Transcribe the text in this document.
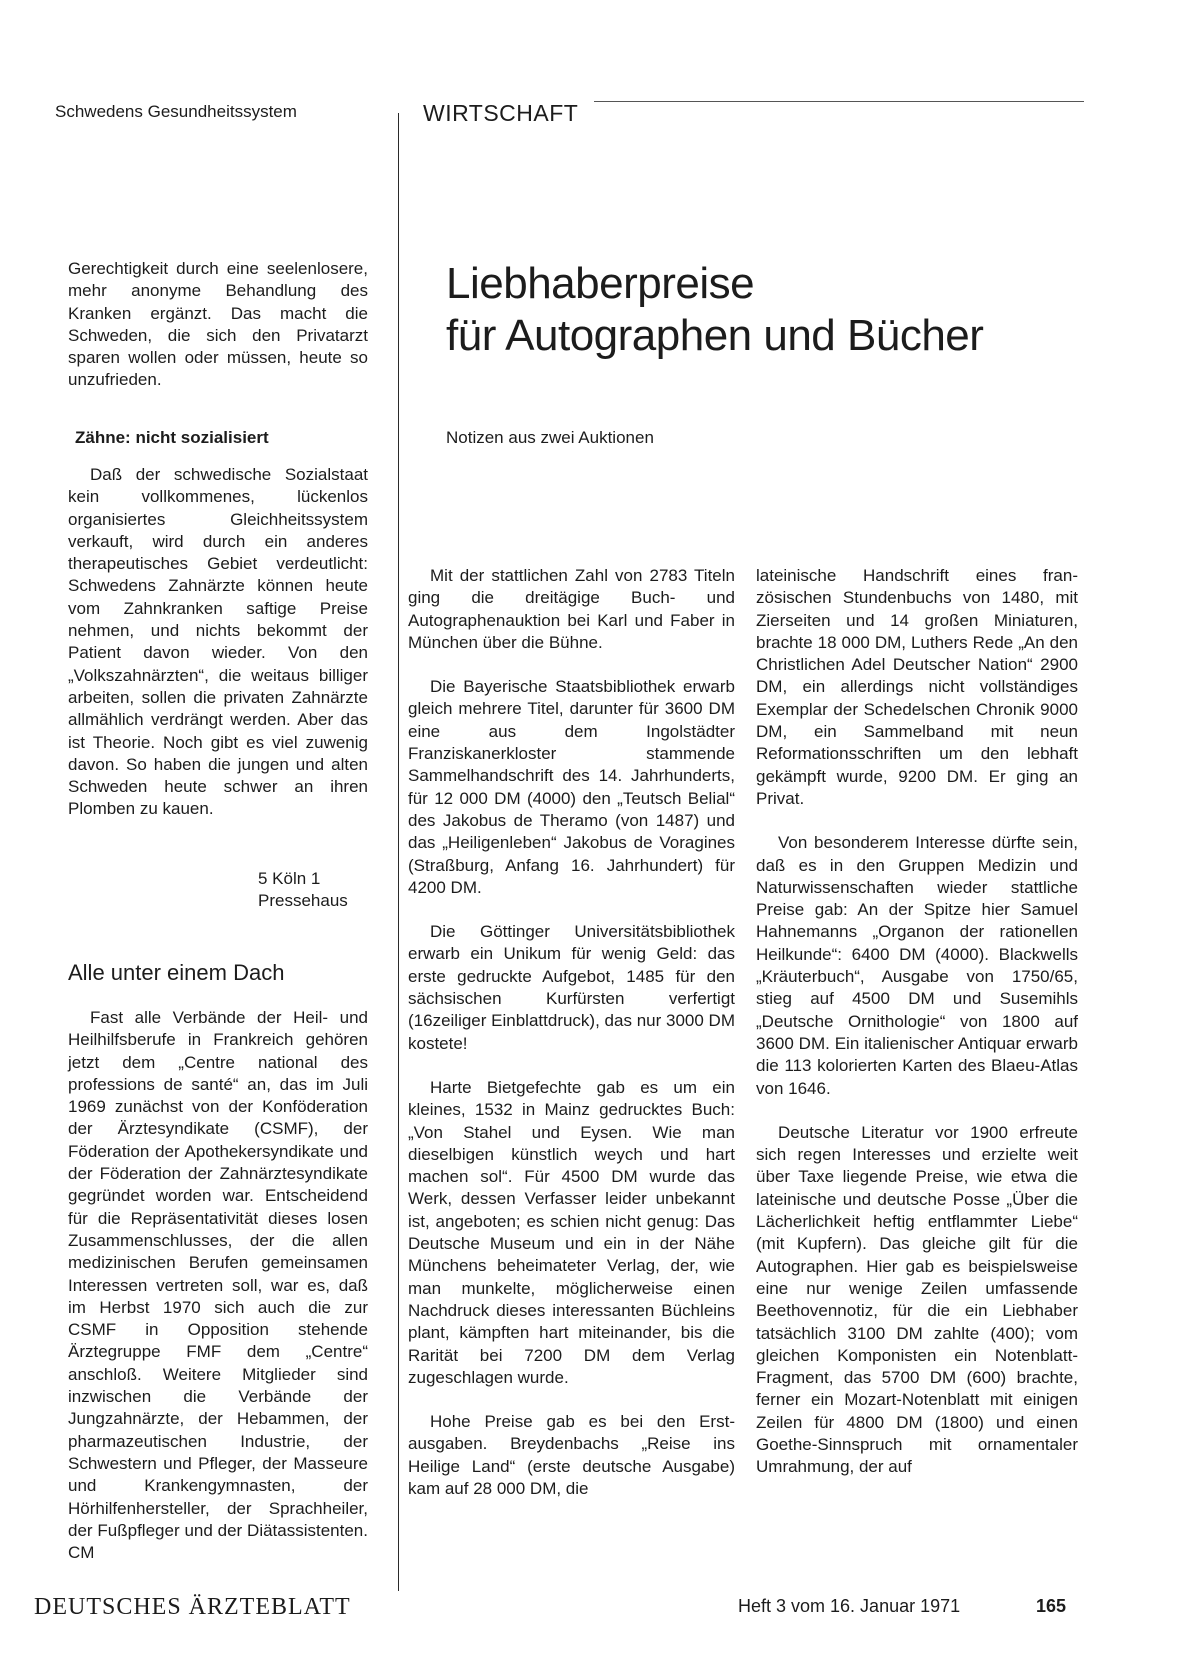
Schwedens Gesundheitssystem	WIRTSCHAFT

Gerechtigkeit durch eine seelenlosere, mehr anonyme Behandlung des Kranken ergänzt. Das macht die Schweden, die sich den Privatarzt sparen wollen oder müssen, heute so unzufrieden.

Zähne: nicht sozialisiert

Daß der schwedische Sozialstaat kein vollkommenes, lückenlos organisiertes Gleichheitssystem verkauft, wird durch ein anderes therapeutisches Gebiet verdeutlicht: Schwedens Zahnärzte können heute vom Zahnkranken saftige Preise nehmen, und nichts bekommt der Patient davon wieder. Von den „Volkszahnärzten“, die weitaus billiger arbeiten, sollen die privaten Zahnärzte allmählich verdrängt werden. Aber das ist Theorie. Noch gibt es viel zuwenig davon. So haben die jungen und alten Schweden heute schwer an ihren Plomben zu kauen.

5 Köln 1
Pressehaus
Alle unter einem Dach

Fast alle Verbände der Heil- und Heilhilfsberufe in Frankreich gehören jetzt dem „Centre national des professions de santé“ an, das im Juli 1969 zunächst von der Konföderation der Ärztesyndikate (CSMF), der Föderation der Apothekersyndikate und der Föderation der Zahnärztesyndikate gegründet worden war. Entscheidend für die Repräsentativität dieses losen Zusammenschlusses, der die allen medizinischen Berufen gemeinsamen Interessen vertreten soll, war es, daß im Herbst 1970 sich auch die zur CSMF in Opposition stehende Ärztegruppe FMF dem „Centre“ anschloß. Weitere Mitglieder sind inzwischen die Verbände der Jungzahnärzte, der Hebammen, der pharmazeutischen Industrie, der Schwestern und Pfleger, der Masseure und Krankengymnasten, der Hörhilfenhersteller, der Sprachheiler, der Fußpfleger und der Diätassistenten. CM

Liebhaberpreise
für Autographen und Bücher
Notizen aus zwei Auktionen

Mit der stattlichen Zahl von 2783 Titeln ging die dreitägige Buch- und Autographenauktion bei Karl und Faber in München über die Bühne.

Die Bayerische Staatsbibliothek erwarb gleich mehrere Titel, darunter für 3600 DM eine aus dem Ingolstädter Franziskanerkloster stammende Sammelhandschrift des 14. Jahrhunderts, für 12 000 DM (4000) den „Teutsch Belial“ des Jakobus de Theramo (von 1487) und das „Heiligenleben“ Jakobus de Voragines (Straßburg, Anfang 16. Jahrhundert) für 4200 DM.

Die Göttinger Universitätsbibliothek erwarb ein Unikum für wenig Geld: das erste gedruckte Aufgebot, 1485 für den sächsischen Kurfürsten verfertigt (16zeiliger Einblattdruck), das nur 3000 DM kostete!

Harte Bietgefechte gab es um ein kleines, 1532 in Mainz gedrucktes Buch: „Von Stahel und Eysen. Wie man dieselbigen künstlich weych und hart machen sol“. Für 4500 DM wurde das Werk, dessen Verfasser leider unbekannt ist, angeboten; es schien nicht genug: Das Deutsche Museum und ein in der Nähe Münchens beheimateter Verlag, der, wie man munkelte, möglicherweise einen Nachdruck dieses interessanten Büchleins plant, kämpften hart miteinander, bis die Rarität bei 7200 DM dem Verlag zugeschlagen wurde.

Hohe Preise gab es bei den Erstausgaben. Breydenbachs „Reise ins Heilige Land“ (erste deutsche Ausgabe) kam auf 28 000 DM, die

lateinische Handschrift eines französischen Stundenbuchs von 1480, mit Zierseiten und 14 großen Miniaturen, brachte 18 000 DM, Luthers Rede „An den Christlichen Adel Deutscher Nation“ 2900 DM, ein allerdings nicht vollständiges Exemplar der Schedelschen Chronik 9000 DM, ein Sammelband mit neun Reformationsschriften um den lebhaft gekämpft wurde, 9200 DM. Er ging an Privat.

Von besonderem Interesse dürfte sein, daß es in den Gruppen Medizin und Naturwissenschaften wieder stattliche Preise gab: An der Spitze hier Samuel Hahnemanns „Organon der rationellen Heilkunde“: 6400 DM (4000). Blackwells „Kräuterbuch“, Ausgabe von 1750/65, stieg auf 4500 DM und Susemihls „Deutsche Ornithologie“ von 1800 auf 3600 DM. Ein italienischer Antiquar erwarb die 113 kolorierten Karten des Blaeu-Atlas von 1646.

Deutsche Literatur vor 1900 erfreute sich regen Interesses und erzielte weit über Taxe liegende Preise, wie etwa die lateinische und deutsche Posse „Über die Lächerlichkeit heftig entflammter Liebe“ (mit Kupfern). Das gleiche gilt für die Autographen. Hier gab es beispielsweise eine nur wenige Zeilen umfassende Beethovennotiz, für die ein Liebhaber tatsächlich 3100 DM zahlte (400); vom gleichen Komponisten ein Notenblatt-Fragment, das 5700 DM (600) brachte, ferner ein Mozart-Notenblatt mit einigen Zeilen für 4800 DM (1800) und einen Goethe-Sinnspruch mit ornamentaler Umrahmung, der auf

DEUTSCHES ÄRZTEBLATT	Heft 3 vom 16. Januar 1971	165
